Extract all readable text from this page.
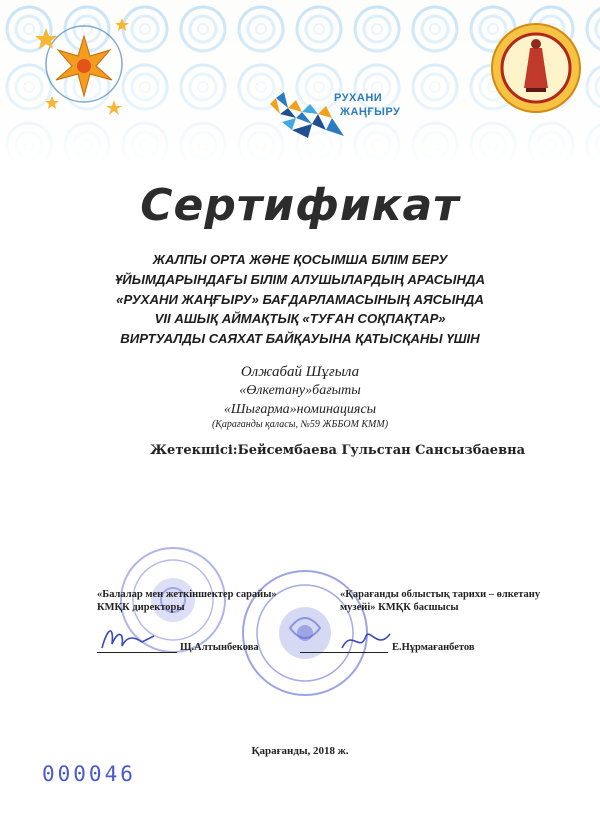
РУХАНИ
ЖАҢҒЫРУ
Сертификат
ЖАЛПЫ ОРТА ЖӘНЕ ҚОСЫМША БІЛІМ БЕРУ
ҰЙЫМДАРЫНДАҒЫ БІЛІМ АЛУШЫЛАРДЫҢ АРАСЫНДА
«РУХАНИ ЖАҢҒЫРУ» БАҒДАРЛАМАСЫНЫҢ АЯСЫНДА
VII АШЫҚ АЙМАҚТЫҚ «ТУҒАН СОҚПАҚТАР»
ВИРТУАЛДЫ САЯХАТ БАЙҚАУЫНА ҚАТЫСҚАНЫ ҮШІН
Олжабай Шұғыла
«Өлкетану»бағыты
«Шығарма»номинациясы
(Қарағанды қаласы, №59 ЖББОМ КММ)
Жетекшісі:Бейсембаева Гульстан Сансызбаевна
«Балалар мен жеткіншектер сарайы»
КМҚК директоры
«Қарағанды облыстық тарихи – өлкетану
музейі» КМҚК басшысы
Щ.Алтынбекова	Е.Нұрмағанбетов
Қарағанды, 2018 ж.
000046
